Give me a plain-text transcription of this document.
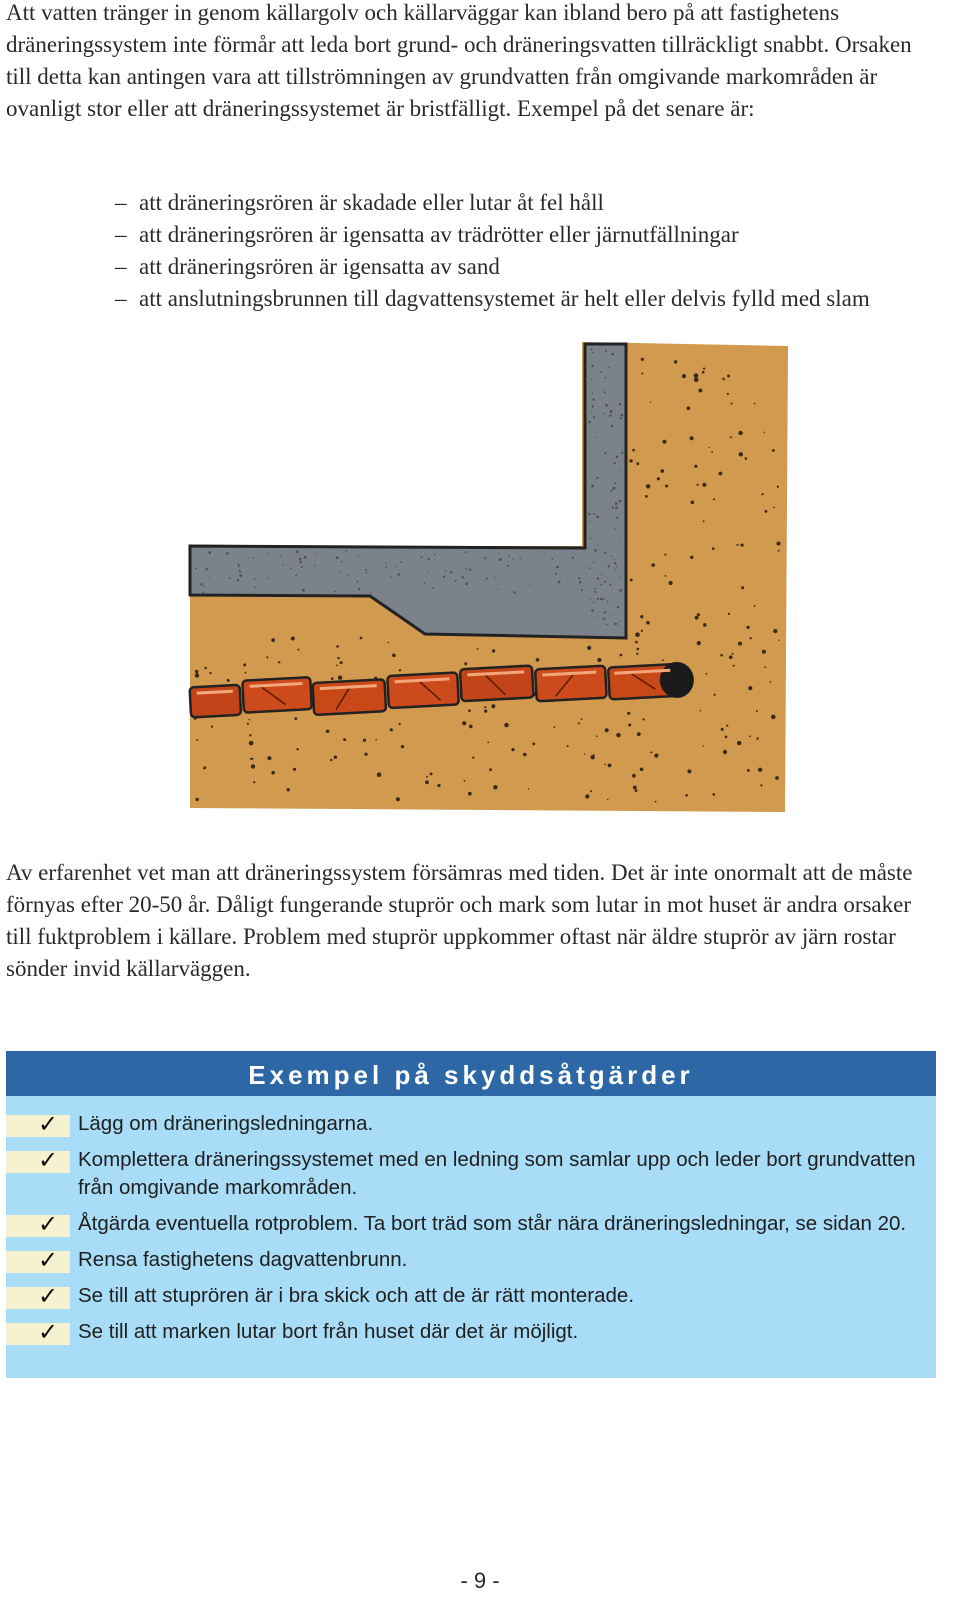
Att vatten tränger in genom källargolv och källarväggar kan ibland bero på att fastighetens dräneringssystem inte förmår att leda bort grund- och dräneringsvatten tillräckligt snabbt. Orsaken till detta kan antingen vara att tillströmningen av grundvatten från omgivande markområden är ovanligt stor eller att dräneringssystemet är bristfälligt. Exempel på det senare är:

– att dräneringsrören är skadade eller lutar åt fel håll
– att dräneringsrören är igensatta av trädrötter eller järnutfällningar
– att dräneringsrören är igensatta av sand
– att anslutningsbrunnen till dagvattensystemet är helt eller delvis fylld med slam

Av erfarenhet vet man att dräneringssystem försämras med tiden. Det är inte onormalt att de måste förnyas efter 20-50 år. Dåligt fungerande stuprör och mark som lutar in mot huset är andra orsaker till fuktproblem i källare. Problem med stuprör uppkommer oftast när äldre stuprör av järn rostar sönder invid källarväggen.

Exempel på skyddsåtgärder
✓ Lägg om dräneringsledningarna.
✓ Komplettera dräneringssystemet med en ledning som samlar upp och leder bort grundvatten från omgivande markområden.
✓ Åtgärda eventuella rotproblem. Ta bort träd som står nära dräneringsledningar, se sidan 20.
✓ Rensa fastighetens dagvattenbrunn.
✓ Se till att stuprören är i bra skick och att de är rätt monterade.
✓ Se till att marken lutar bort från huset där det är möjligt.
- 9 -
